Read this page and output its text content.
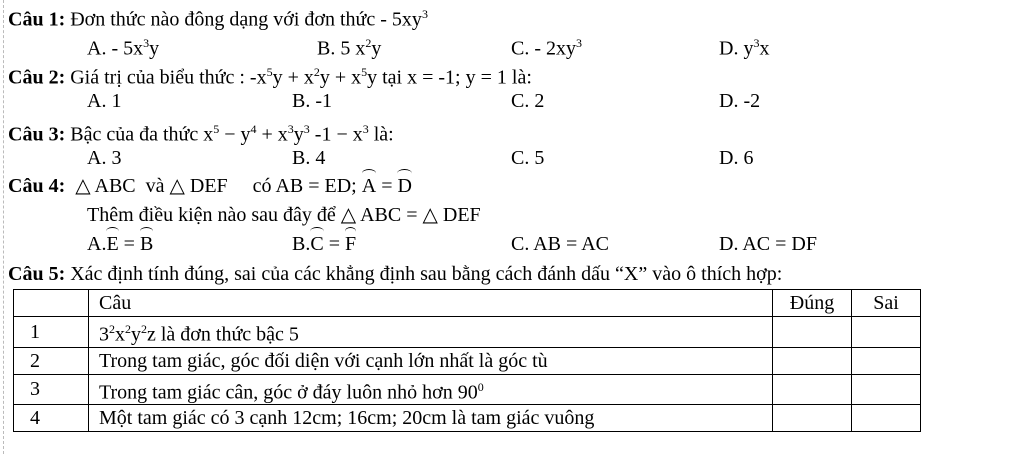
Câu 1: Đơn thức nào đông dạng với đơn thức - $5xy^3$
A. - $5x^3y$	B. 5 $x^2y$	C. - $2xy^3$	D. $y^3x$
Câu 2: Giá trị của biểu thức : $-x^5y + x^2y + x^5y$ tại x = -1; y = 1 là:
A. 1	B. -1	C. 2	D. -2
Câu 3: Bậc của đa thức $x^5 - y^4 + x^3y^3$ $-1 - x^3$ là:
A. 3	B. 4	C. 5	D. 6
Câu 4:  △ ABC  và △ DEF     có AB = ED; A = D
Thêm điều kiện nào sau đây để △ ABC = △ DEF
A.E = B	B.C = F	C. AB = AC	D. AC = DF
Câu 5: Xác định tính đúng, sai của các khẳng định sau bằng cách đánh dấu “X” vào ô thích hợp:
	Câu	Đúng	Sai
1	$3^2x^2y^2z$ là đơn thức bậc 5		
2	Trong tam giác, góc đối diện với cạnh lớn nhất là góc tù		
3	Trong tam giác cân, góc ở đáy luôn nhỏ hơn $90^0$		
4	Một tam giác có 3 cạnh 12cm; 16cm; 20cm là tam giác vuông		
